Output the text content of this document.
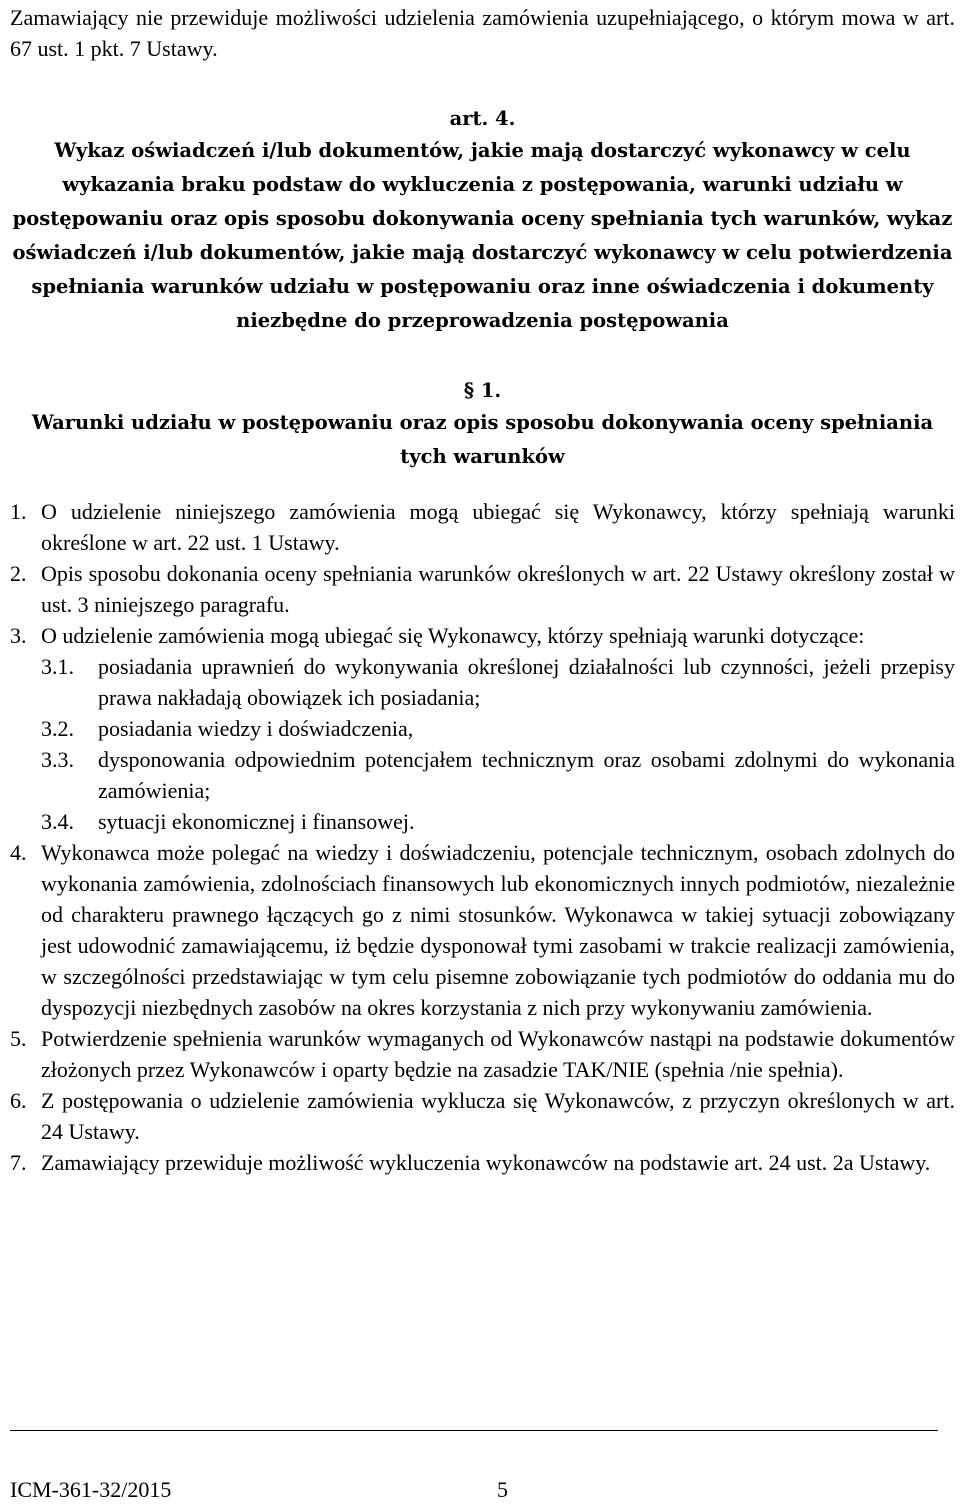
Zamawiający nie przewiduje możliwości udzielenia zamówienia uzupełniającego, o którym mowa w art. 67 ust. 1 pkt. 7 Ustawy.
art. 4.
Wykaz oświadczeń i/lub dokumentów, jakie mają dostarczyć wykonawcy w celu wykazania braku podstaw do wykluczenia z postępowania, warunki udziału w postępowaniu oraz opis sposobu dokonywania oceny spełniania tych warunków, wykaz oświadczeń i/lub dokumentów, jakie mają dostarczyć wykonawcy w celu potwierdzenia spełniania warunków udziału w postępowaniu oraz inne oświadczenia i dokumenty niezbędne do przeprowadzenia postępowania
§ 1.
Warunki udziału w postępowaniu oraz opis sposobu dokonywania oceny spełniania tych warunków
1. O udzielenie niniejszego zamówienia mogą ubiegać się Wykonawcy, którzy spełniają warunki określone w art. 22 ust. 1 Ustawy.
2. Opis sposobu dokonania oceny spełniania warunków określonych w art. 22 Ustawy określony został w ust. 3 niniejszego paragrafu.
3. O udzielenie zamówienia mogą ubiegać się Wykonawcy, którzy spełniają warunki dotyczące:
3.1. posiadania uprawnień do wykonywania określonej działalności lub czynności, jeżeli przepisy prawa nakładają obowiązek ich posiadania;
3.2. posiadania wiedzy i doświadczenia,
3.3. dysponowania odpowiednim potencjałem technicznym oraz osobami zdolnymi do wykonania zamówienia;
3.4. sytuacji ekonomicznej i finansowej.
4. Wykonawca może polegać na wiedzy i doświadczeniu, potencjale technicznym, osobach zdolnych do wykonania zamówienia, zdolnościach finansowych lub ekonomicznych innych podmiotów, niezależnie od charakteru prawnego łączących go z nimi stosunków. Wykonawca w takiej sytuacji zobowiązany jest udowodnić zamawiającemu, iż będzie dysponował tymi zasobami w trakcie realizacji zamówienia, w szczególności przedstawiając w tym celu pisemne zobowiązanie tych podmiotów do oddania mu do dyspozycji niezbędnych zasobów na okres korzystania z nich przy wykonywaniu zamówienia.
5. Potwierdzenie spełnienia warunków wymaganych od Wykonawców nastąpi na podstawie dokumentów złożonych przez Wykonawców i oparty będzie na zasadzie TAK/NIE (spełnia /nie spełnia).
6. Z postępowania o udzielenie zamówienia wyklucza się Wykonawców, z przyczyn określonych w art. 24 Ustawy.
7. Zamawiający przewiduje możliwość wykluczenia wykonawców na podstawie art. 24 ust. 2a Ustawy.
ICM-361-32/2015	5
